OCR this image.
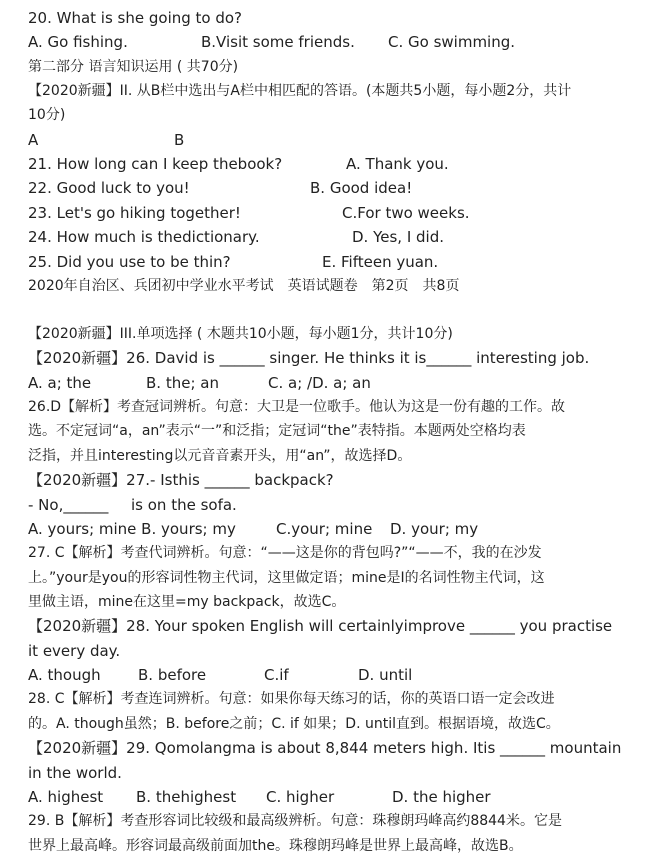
20. What is she going to do?

A. Go fishing.

	B.Visit some friends.

C. Go swimming.

第二部分 语言知识运用 ( 共70分)
【2020新疆】II. 从B栏中选出与A栏中相匹配的答语。(本题共5小题，每小题2分，共计
10分)

A

	B

21. How long can I keep thebook?

	A. Thank you.

22. Good luck to you!

	B. Good idea!

23. Let's go hiking together!

	C.For two weeks.

24. How much is thedictionary.

	D. Yes, I did.

25. Did you use to be thin?

	E. Fifteen yuan.

2020年自治区、兵团初中学业水平考试　英语试题卷　第2页　共8页
【2020新疆】III.单项选择 ( 木题共10小题，每小题1分，共计10分)
【2020新疆】26. David is ______ singer. He thinks it is______ interesting job.

A. a; the

	B. the; an

	C. a; /D. a; an

26.D【解析】考查冠词辨析。句意：大卫是一位歌手。他认为这是一份有趣的工作。故
选。不定冠词“a，an”表示“一”和泛指；定冠词“the”表特指。本题两处空格均表
泛指，并且interesting以元音音素开头，用“an”，故选择D。
【2020新疆】27.- Isthis ______ backpack?

- No,______

is on the sofa.

A. yours; mine B. yours; my

	C.your; mine

D. your; my

27. C【解析】考查代词辨析。句意：“——这是你的背包吗?”“——不，我的在沙发
上。”your是you的形容词性物主代词，这里做定语；mine是I的名词性物主代词，这
里做主语，mine在这里=my backpack，故选C。
【2020新疆】28. Your spoken English will certainlyimprove ______ you practise
it every day.

A. though

B. before

	C.if

	D. until

28. C【解析】考查连词辨析。句意：如果你每天练习的话，你的英语口语一定会改进
的。A. though虽然；B. before之前；C. if 如果；D. until直到。根据语境，故选C。
【2020新疆】29. Qomolangma is about 8,844 meters high. Itis ______ mountain
in the world.

A. highest

B. thehighest

C. higher

	D. the higher

29. B【解析】考查形容词比较级和最高级辨析。句意：珠穆朗玛峰高约8844米。它是
世界上最高峰。形容词最高级前面加the。珠穆朗玛峰是世界上最高峰，故选B。
